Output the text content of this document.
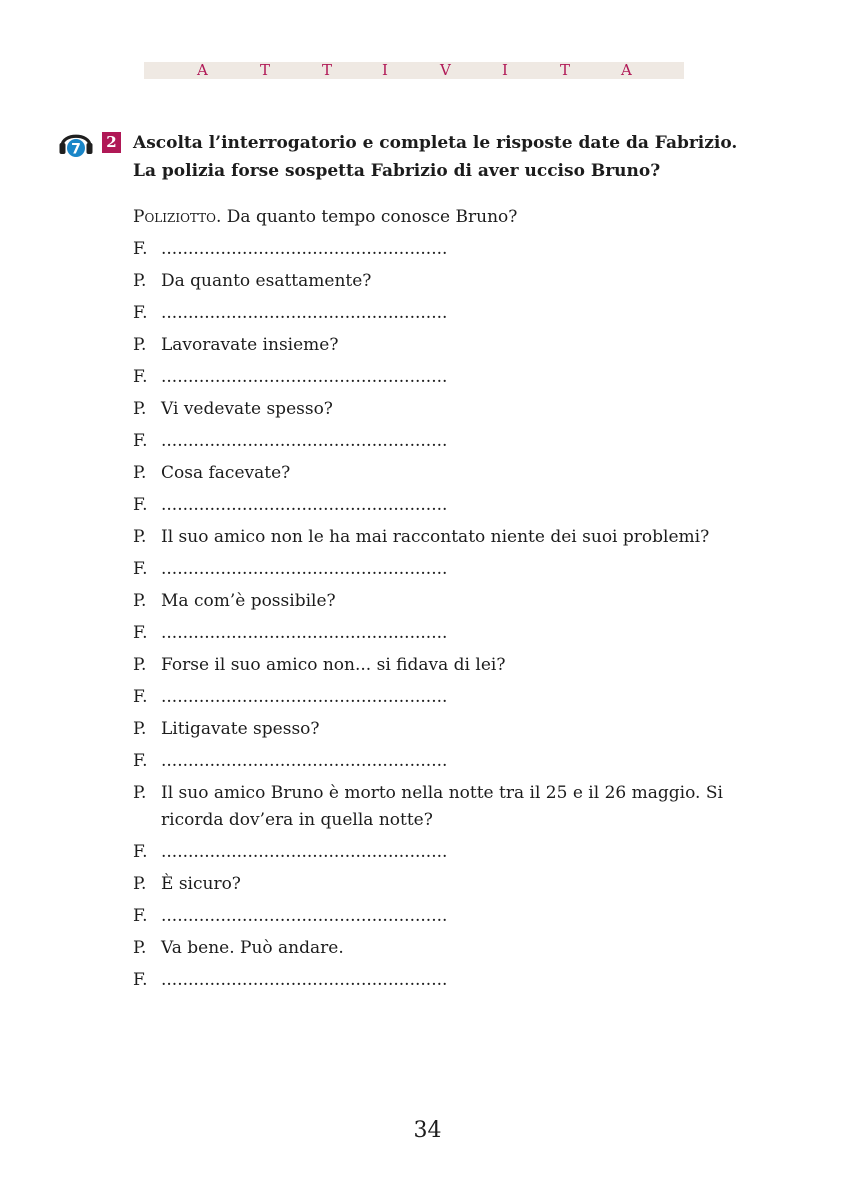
A	T	T	I	V	I	T	A
7 2 Ascolta l’interrogatorio e completa le risposte date da Fabrizio. La polizia forse sospetta Fabrizio di aver ucciso Bruno?

Poliziotto. Da quanto tempo conosce Bruno?
F. .....................................................
P. Da quanto esattamente?
F. .....................................................
P. Lavoravate insieme?
F. .....................................................
P. Vi vedevate spesso?
F. .....................................................
P. Cosa facevate?
F. .....................................................
P. Il suo amico non le ha mai raccontato niente dei suoi problemi?
F. .....................................................
P. Ma com’è possibile?
F. .....................................................
P. Forse il suo amico non... si fidava di lei?
F. .....................................................
P. Litigavate spesso?
F. .....................................................
P. Il suo amico Bruno è morto nella notte tra il 25 e il 26 maggio. Si ricorda dov’era in quella notte?
F. .....................................................
P. È sicuro?
F. .....................................................
P. Va bene. Può andare.
F. .....................................................
34
